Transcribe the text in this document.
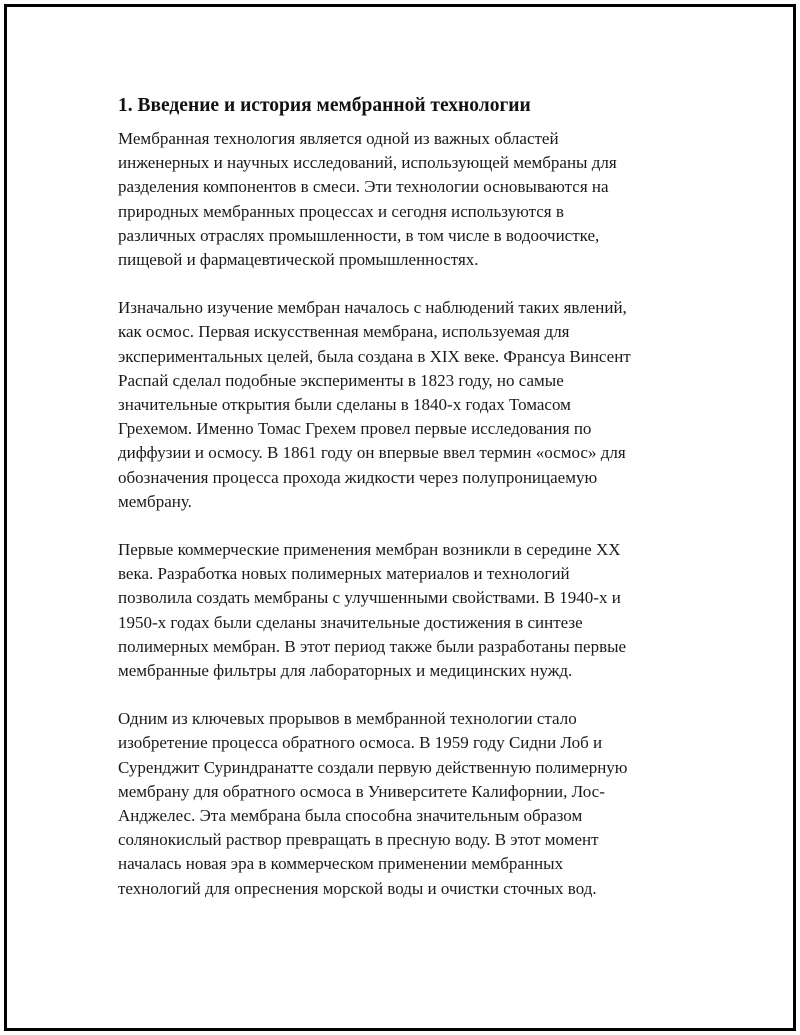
1. Введение и история мембранной технологии

Мембранная технология является одной из важных областей
инженерных и научных исследований, использующей мембраны для
разделения компонентов в смеси. Эти технологии основываются на
природных мембранных процессах и сегодня используются в
различных отраслях промышленности, в том числе в водоочистке,
пищевой и фармацевтической промышленностях.

Изначально изучение мембран началось с наблюдений таких явлений,
как осмос. Первая искусственная мембрана, используемая для
экспериментальных целей, была создана в XIX веке. Франсуа Винсент
Распай сделал подобные эксперименты в 1823 году, но самые
значительные открытия были сделаны в 1840-х годах Томасом
Грехемом. Именно Томас Грехем провел первые исследования по
диффузии и осмосу. В 1861 году он впервые ввел термин «осмос» для
обозначения процесса прохода жидкости через полупроницаемую
мембрану.

Первые коммерческие применения мембран возникли в середине XX
века. Разработка новых полимерных материалов и технологий
позволила создать мембраны с улучшенными свойствами. В 1940-х и
1950-х годах были сделаны значительные достижения в синтезе
полимерных мембран. В этот период также были разработаны первые
мембранные фильтры для лабораторных и медицинских нужд.

Одним из ключевых прорывов в мембранной технологии стало
изобретение процесса обратного осмоса. В 1959 году Сидни Лоб и
Суренджит Суриндранатте создали первую действенную полимерную
мембрану для обратного осмоса в Университете Калифорнии, Лос-
Анджелес. Эта мембрана была способна значительным образом
солянокислый раствор превращать в пресную воду. В этот момент
началась новая эра в коммерческом применении мембранных
технологий для опреснения морской воды и очистки сточных вод.
